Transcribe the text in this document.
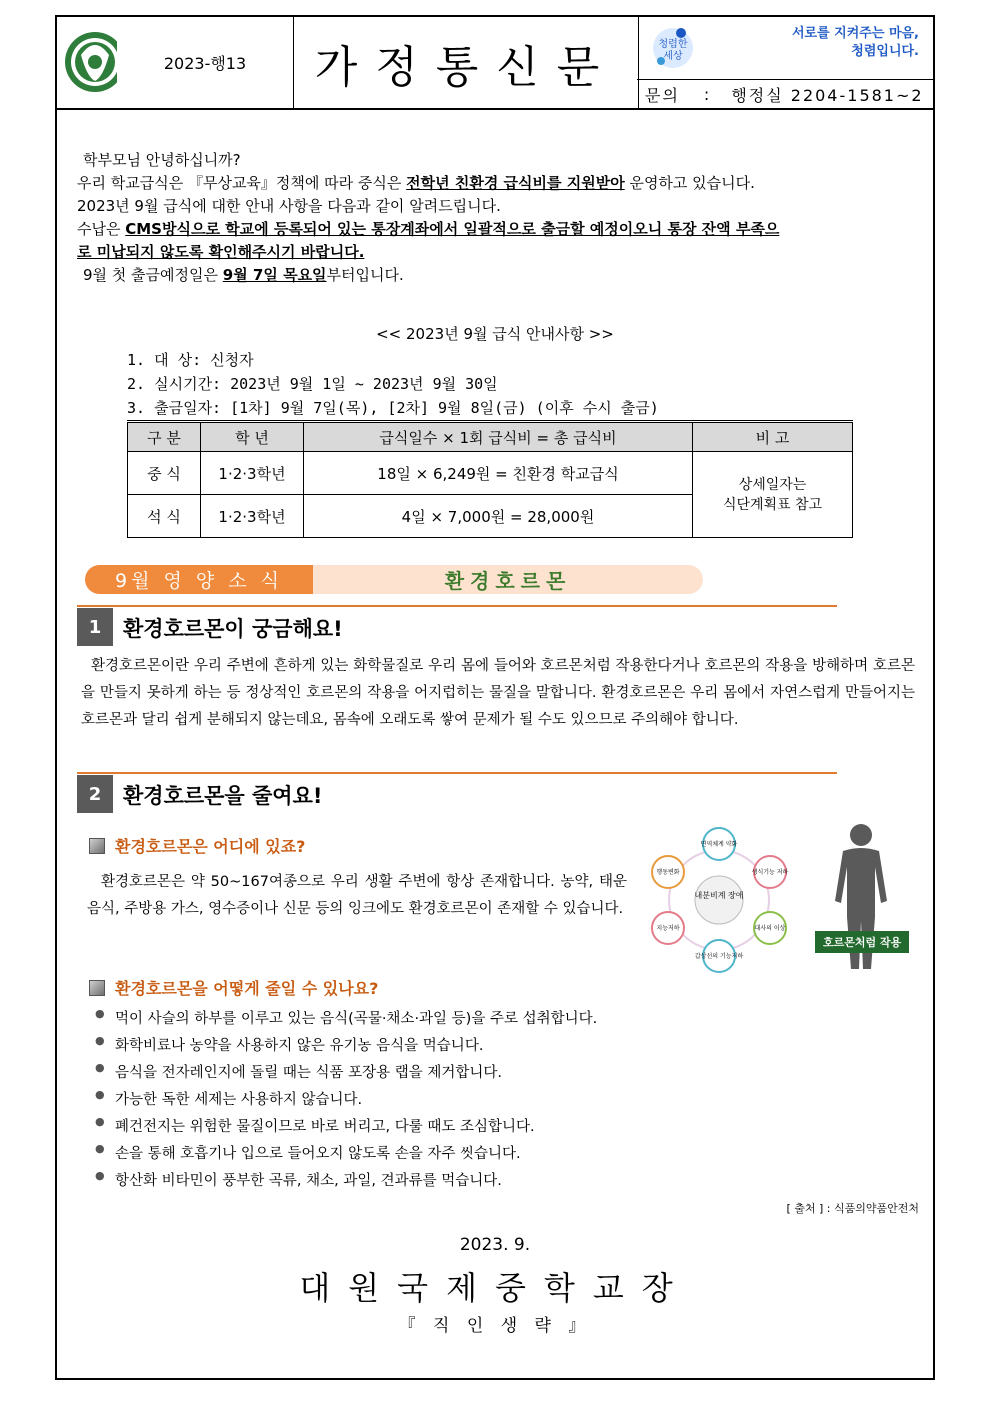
2023-행13	가정통신문	청렴한
세상
서로를 지켜주는 마음,
청렴입니다.
문의 : 행정실 2204-1581~2
학부모님 안녕하십니까?
우리 학교급식은 『무상교육』정책에 따라 중식은 전학년 친환경 급식비를 지원받아 운영하고 있습니다.
2023년 9월 급식에 대한 안내 사항을 다음과 같이 알려드립니다.
수납은 CMS방식으로 학교에 등록되어 있는 통장계좌에서 일괄적으로 출금할 예정이오니 통장 잔액 부족으
로 미납되지 않도록 확인해주시기 바랍니다.
9월 첫 출금예정일은 9월 7일 목요일부터입니다.
<< 2023년 9월 급식 안내사항 >>
1. 대 상: 신청자
2. 실시기간: 2023년 9월 1일 ~ 2023년 9월 30일
3. 출금일자: [1차] 9월 7일(목), [2차] 9월 8일(금) (이후 수시 출금)
구 분	학 년	급식일수 × 1회 급식비 = 총 급식비	비 고
중 식	1·2·3학년	18일 × 6,249원 = 친환경 학교급식	상세일자는
식단계획표 참고

석 식	1·2·3학년	4일 × 7,000원 = 28,000원	
9월 영 양 소 식	환경호르몬
1	환경호르몬이 궁금해요!
환경호르몬이란 우리 주변에 흔하게 있는 화학물질로 우리 몸에 들어와 호르몬처럼 작용한다거나 호르몬의 작용을 방해하며 호르몬을 만들지 못하게 하는 등 정상적인 호르몬의 작용을 어지럽히는 물질을 말합니다. 환경호르몬은 우리 몸에서 자연스럽게 만들어지는 호르몬과 달리 쉽게 분해되지 않는데요, 몸속에 오래도록 쌓여 문제가 될 수도 있으므로 주의해야 합니다.
2	환경호르몬을 줄여요!
환경호르몬은 어디에 있죠?
환경호르몬은 약 50~167여종으로 우리 생활 주변에 항상 존재합니다. 농약, 태운 음식, 주방용 가스, 영수증이나 신문 등의 잉크에도 환경호르몬이 존재할 수 있습니다.
내분비계 장애
면역체계 약화
생식기능 저하
대사의 이상
갑상선의 기능저하
지능저하
행동변화
호르몬처럼 작용
환경호르몬을 어떻게 줄일 수 있나요?
● 먹이 사슬의 하부를 이루고 있는 음식(곡물·채소·과일 등)을 주로 섭취합니다.
● 화학비료나 농약을 사용하지 않은 유기농 음식을 먹습니다.
● 음식을 전자레인지에 돌릴 때는 식품 포장용 랩을 제거합니다.
● 가능한 독한 세제는 사용하지 않습니다.
● 폐건전지는 위험한 물질이므로 바로 버리고, 다룰 때도 조심합니다.
● 손을 통해 호흡기나 입으로 들어오지 않도록 손을 자주 씻습니다.
● 항산화 비타민이 풍부한 곡류, 채소, 과일, 견과류를 먹습니다.
[ 출처 ] : 식품의약품안전처
2023. 9.
대원국제중학교장
『 직 인 생 략 』
